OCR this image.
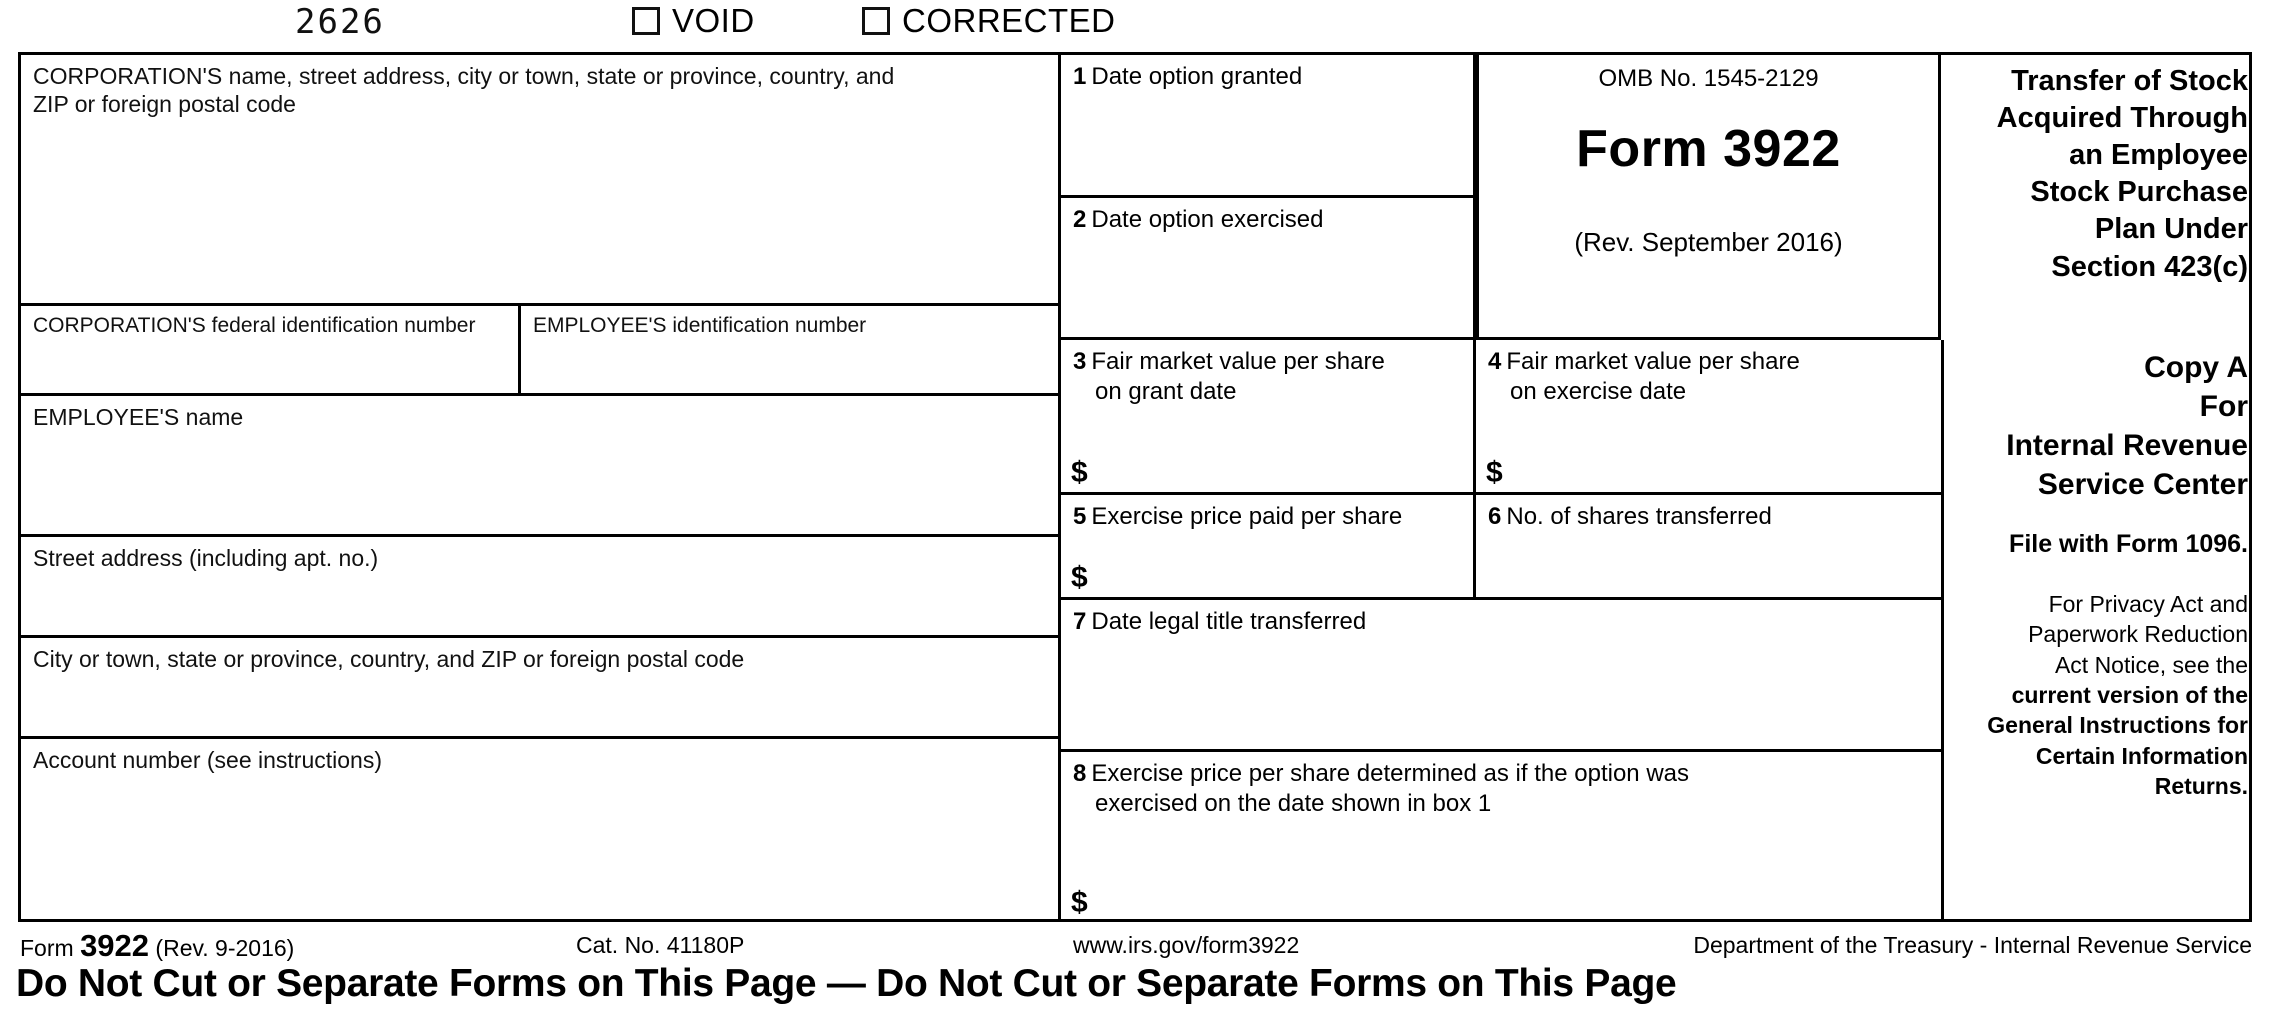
2626	VOID	CORRECTED
CORPORATION'S name, street address, city or town, state or province, country, and ZIP or foreign postal code
CORPORATION'S federal identification number	EMPLOYEE'S identification number
EMPLOYEE'S name
Street address (including apt. no.)
City or town, state or province, country, and ZIP or foreign postal code
Account number (see instructions)
1 Date option granted
2 Date option exercised
OMB No. 1545-2129
Form 3922
(Rev. September 2016)
3 Fair market value per share
on grant date
$
4 Fair market value per share
on exercise date
$
5 Exercise price paid per share
$
6 No. of shares transferred
7 Date legal title transferred
8 Exercise price per share determined as if the option was
exercised on the date shown in box 1
$
Transfer of Stock
Acquired Through
an Employee
Stock Purchase
Plan Under
Section 423(c)
Copy A
For
Internal Revenue
Service Center
File with Form 1096.
For Privacy Act and
Paperwork Reduction
Act Notice, see the
current version of the
General Instructions for
Certain Information
Returns.
Form 3922 (Rev. 9-2016)	Cat. No. 41180P	www.irs.gov/form3922	Department of the Treasury - Internal Revenue Service
Do Not Cut or Separate Forms on This Page — Do Not Cut or Separate Forms on This Page
